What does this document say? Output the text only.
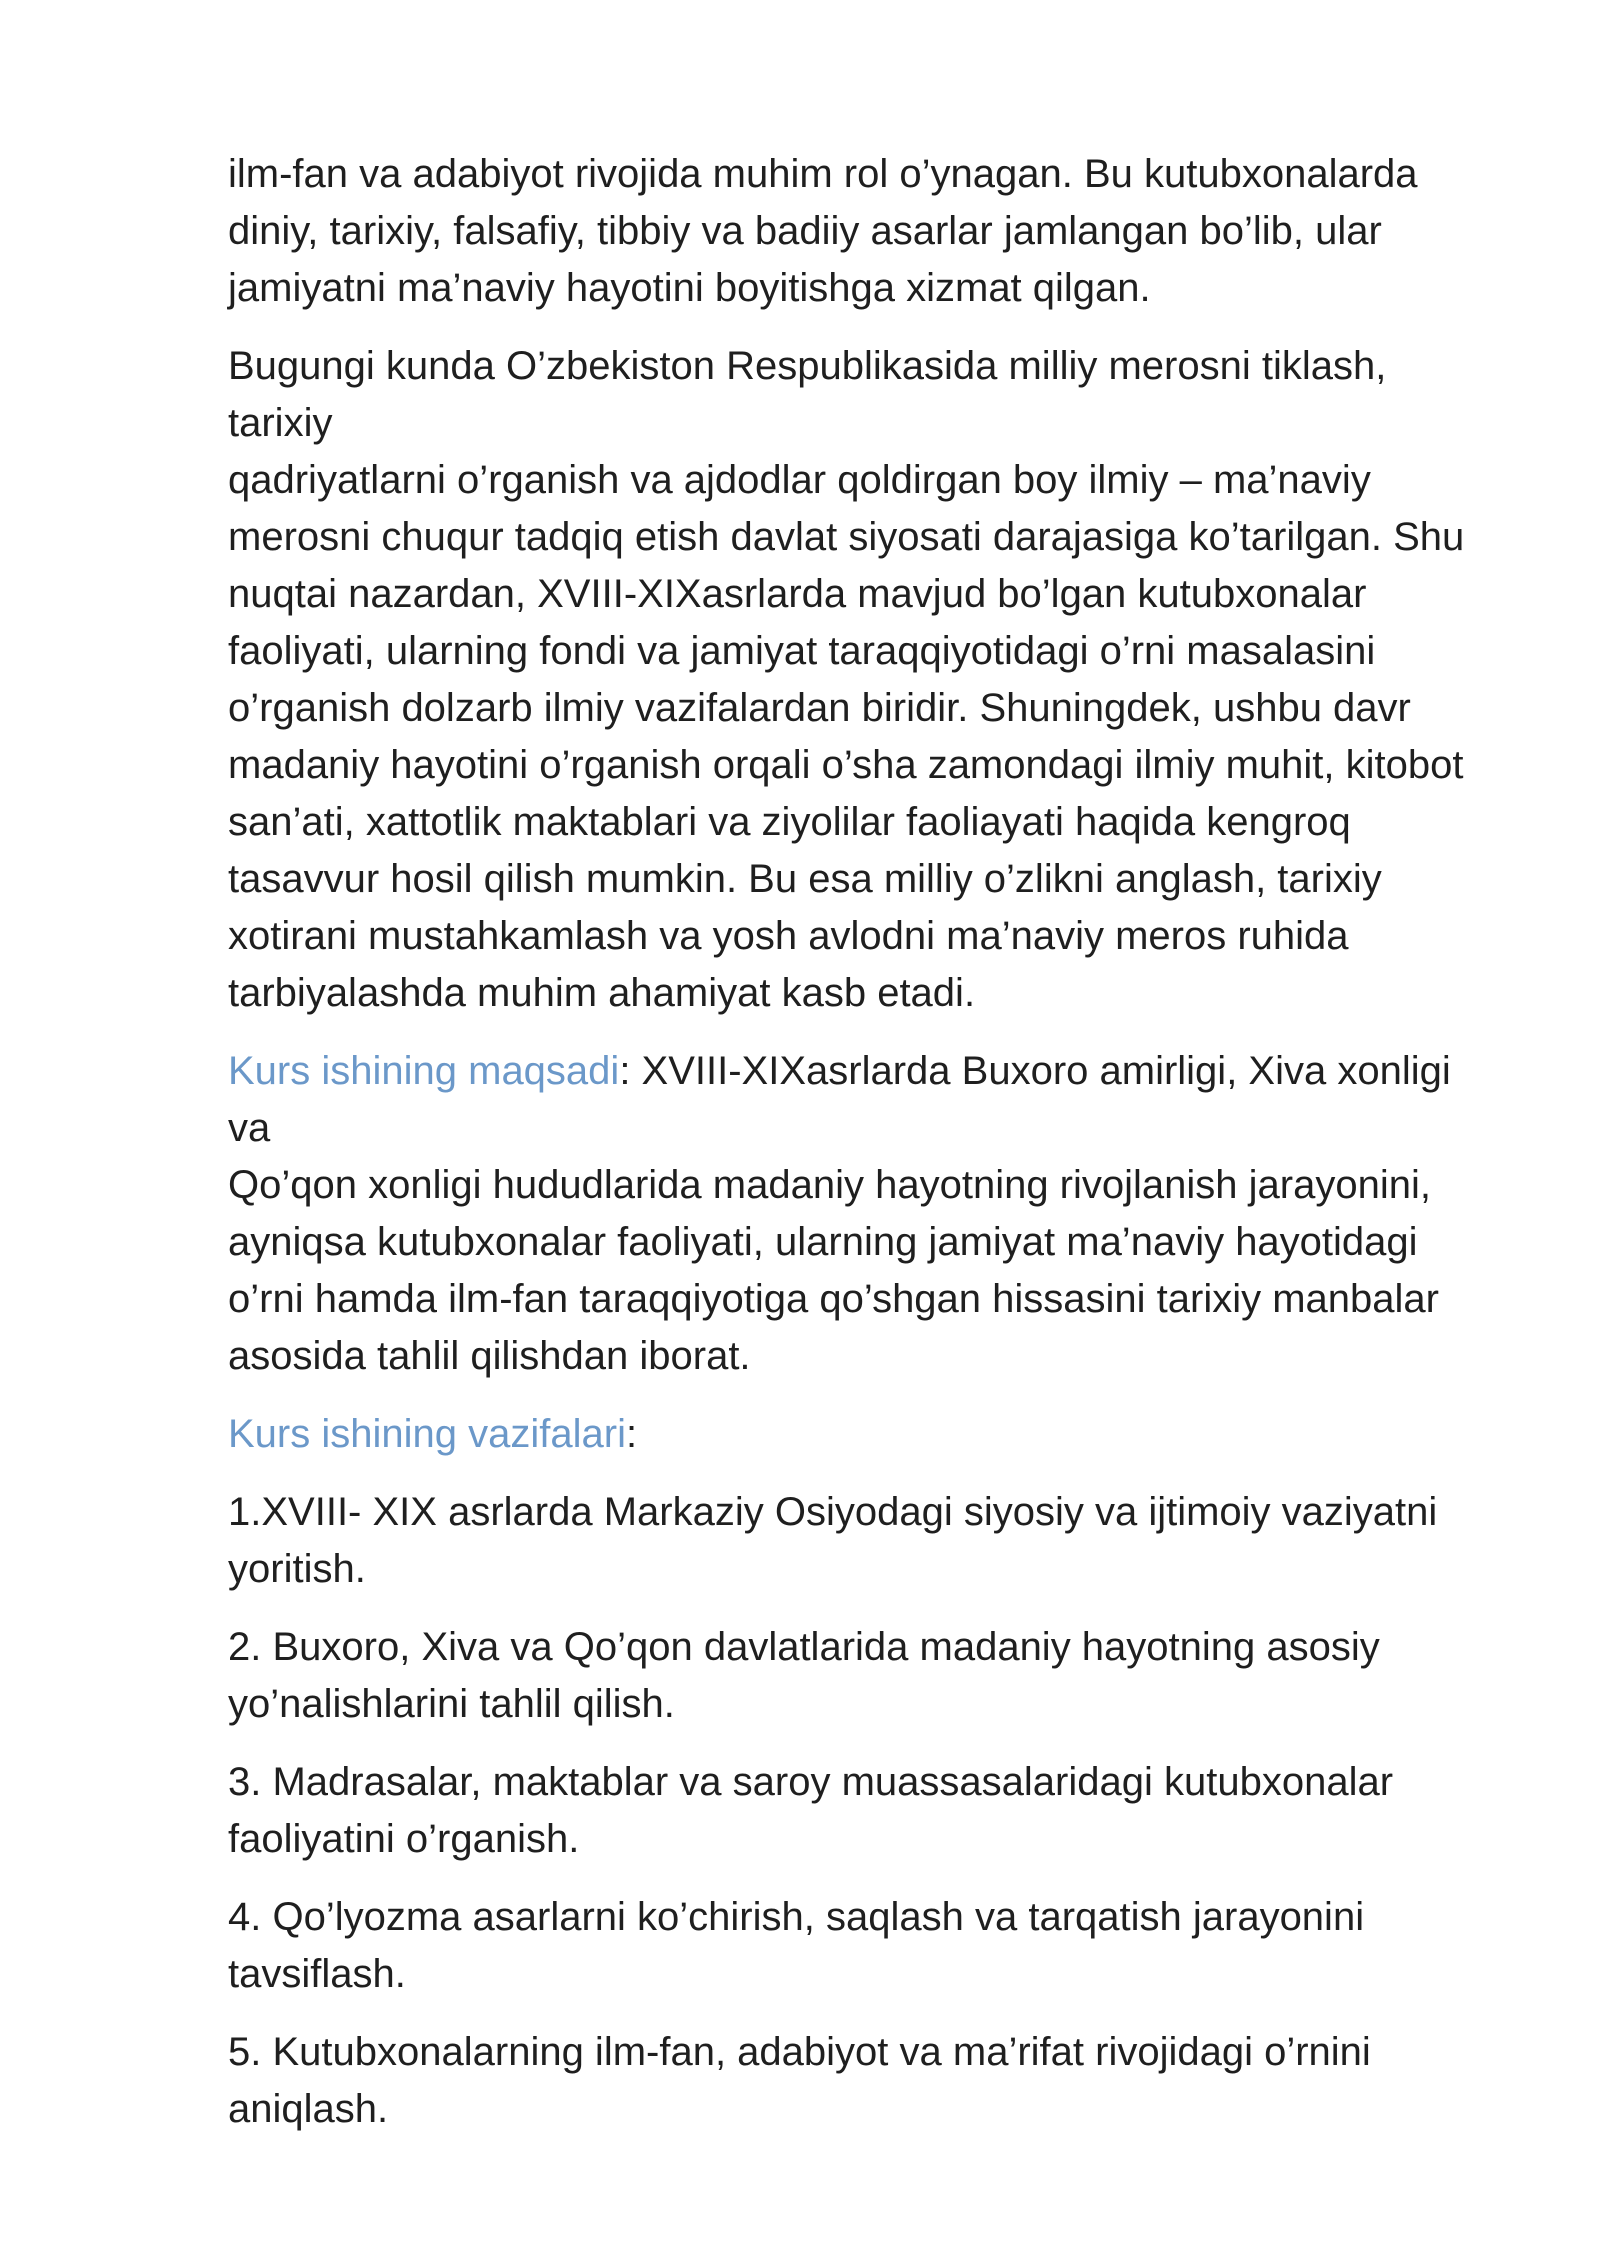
ilm-fan va adabiyot rivojida muhim rol o’ynagan. Bu kutubxonalarda
diniy, tarixiy, falsafiy, tibbiy va badiiy asarlar jamlangan bo’lib, ular
jamiyatni ma’naviy hayotini boyitishga xizmat qilgan.

Bugungi kunda O’zbekiston Respublikasida milliy merosni tiklash, tarixiy
qadriyatlarni o’rganish va ajdodlar qoldirgan boy ilmiy – ma’naviy
merosni chuqur tadqiq etish davlat siyosati darajasiga ko’tarilgan. Shu
nuqtai nazardan, XVIII-XIXasrlarda mavjud bo’lgan kutubxonalar
faoliyati, ularning fondi va jamiyat taraqqiyotidagi o’rni masalasini
o’rganish dolzarb ilmiy vazifalardan biridir. Shuningdek, ushbu davr
madaniy hayotini o’rganish orqali o’sha zamondagi ilmiy muhit, kitobot
san’ati, xattotlik maktablari va ziyolilar faoliayati haqida kengroq
tasavvur hosil qilish mumkin. Bu esa milliy o’zlikni anglash, tarixiy
xotirani mustahkamlash va yosh avlodni ma’naviy meros ruhida
tarbiyalashda muhim ahamiyat kasb etadi.

Kurs ishining maqsadi: XVIII-XIXasrlarda Buxoro amirligi, Xiva xonligi va
Qo’qon xonligi hududlarida madaniy hayotning rivojlanish jarayonini,
ayniqsa kutubxonalar faoliyati, ularning jamiyat ma’naviy hayotidagi
o’rni hamda ilm-fan taraqqiyotiga qo’shgan hissasini tarixiy manbalar
asosida tahlil qilishdan iborat.

Kurs ishining vazifalari:

1.XVIII- XIX asrlarda Markaziy Osiyodagi siyosiy va ijtimoiy vaziyatni
yoritish.

2. Buxoro, Xiva va Qo’qon davlatlarida madaniy hayotning asosiy
yo’nalishlarini tahlil qilish.

3. Madrasalar, maktablar va saroy muassasalaridagi kutubxonalar
faoliyatini o’rganish.

4. Qo’lyozma asarlarni ko’chirish, saqlash va tarqatish jarayonini
tavsiflash.

5. Kutubxonalarning ilm-fan, adabiyot va ma’rifat rivojidagi o’rnini
aniqlash.
